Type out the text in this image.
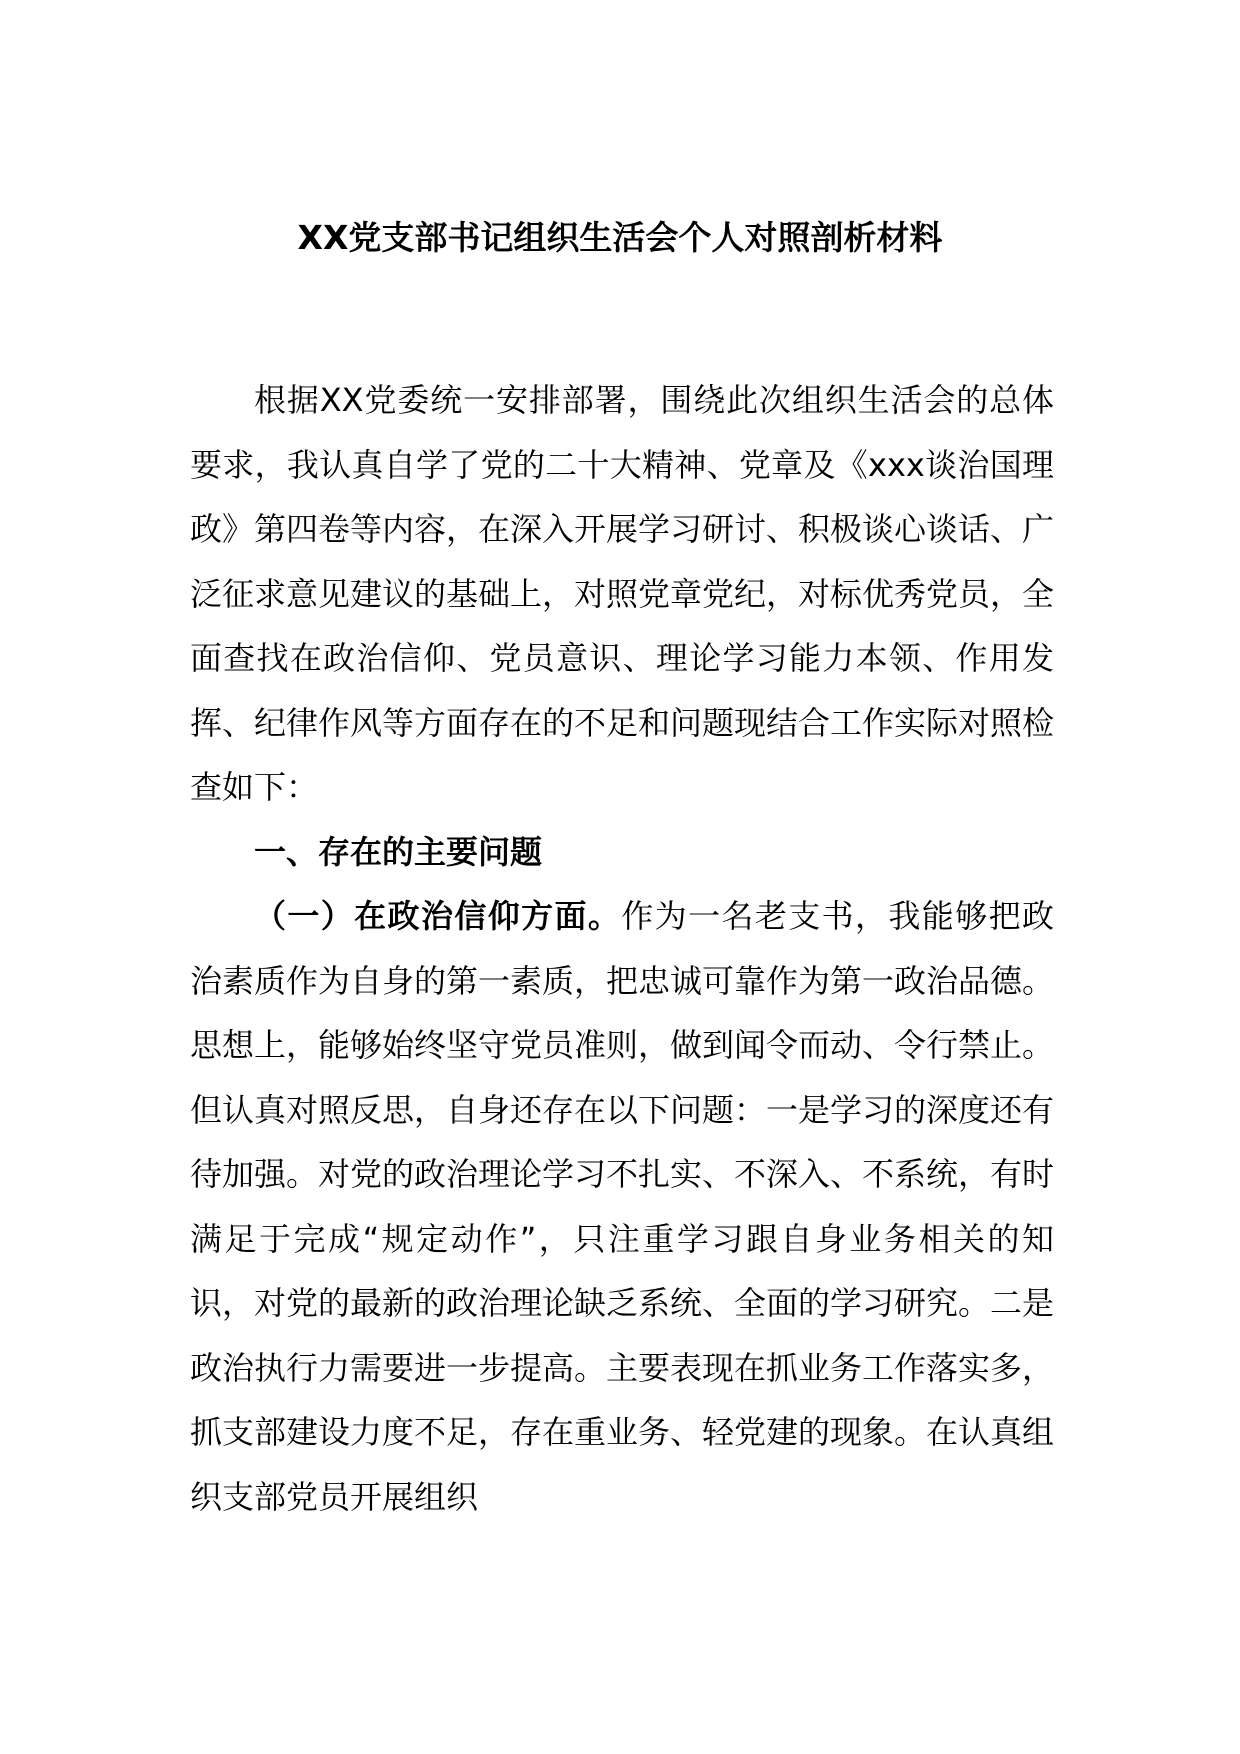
XX党支部书记组织生活会个人对照剖析材料

根据XX党委统一安排部署，围绕此次组织生活会的总体要求，我认真自学了党的二十大精神、党章及《xxx谈治国理政》第四卷等内容，在深入开展学习研讨、积极谈心谈话、广泛征求意见建议的基础上，对照党章党纪，对标优秀党员，全面查找在政治信仰、党员意识、理论学习能力本领、作用发挥、纪律作风等方面存在的不足和问题现结合工作实际对照检查如下：

一、存在的主要问题

（一）在政治信仰方面。作为一名老支书，我能够把政治素质作为自身的第一素质，把忠诚可靠作为第一政治品德。思想上，能够始终坚守党员准则，做到闻令而动、令行禁止。但认真对照反思，自身还存在以下问题：一是学习的深度还有待加强。对党的政治理论学习不扎实、不深入、不系统，有时满足于完成“规定动作”，只注重学习跟自身业务相关的知识，对党的最新的政治理论缺乏系统、全面的学习研究。二是政治执行力需要进一步提高。主要表现在抓业务工作落实多，抓支部建设力度不足，存在重业务、轻党建的现象。在认真组织支部党员开展组织
